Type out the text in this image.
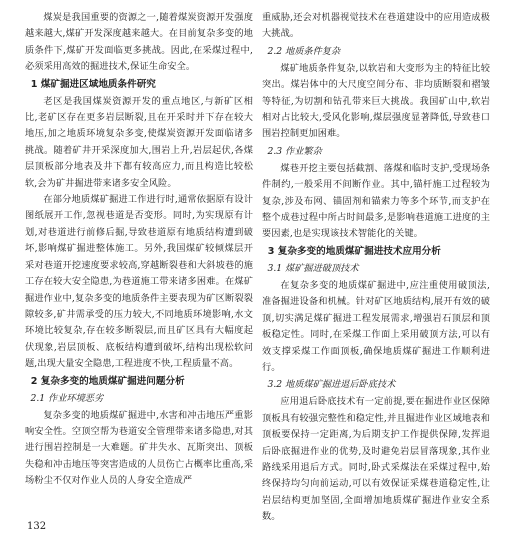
煤炭是我国重要的资源之一,随着煤炭资源开发强度越来越大,煤矿开发深度越来越大。在目前复杂多变的地质条件下,煤矿开发面临更多挑战。因此,在采煤过程中,必须采用高效的掘进技术,保证生命安全。

1 煤矿掘进区域地质条件研究

老区是我国煤炭资源开发的重点地区,与新矿区相比,老矿区存在更多岩层断裂,且在开采时并下存在较大地压,加之地质环境复杂多变,使煤炭资源开发面临诸多挑战。随着矿井开采深度加大,围岩上升,岩层起伏,各煤层顶板部分地表及井下都有较高应力,而且构造比较松软,会为矿井掘进带来诸多安全风险。

在部分地质煤矿掘进工作进行时,通常依据原有设计图纸展开工作,忽视巷道是否变形。同时,为实现原有计划,对巷道进行前修后掘,导致巷道原有地质结构遭到破坏,影响煤矿掘进整体施工。另外,我国煤矿较倾煤层开采对巷道开挖速度要求较高,穿越断裂巷和大斜坡巷的施工存在较大安全隐患,为巷道施工带来诸多困难。在煤矿掘进作业中,复杂多变的地质条件主要表现为矿区断裂裂隙较多,矿井需承受的压力较大,不同地质环境影响,水文环境比较复杂,存在较多断裂层,而且矿区具有大幅度起伏现象,岩层顶板、底板结构遭到破坏,结构出现松软问题,出现大量安全隐患,工程进度不快,工程质量不高。

2 复杂多变的地质煤矿掘进问题分析
2.1 作业环境恶劣

复杂多变的地质煤矿掘进中,水害和冲击地压严重影响安全性。空顶空帮为巷道安全管理带来诸多隐患,对其进行围岩控制是一大难题。矿井失水、瓦斯突出、顶板失稳和冲击地压等突害造成的人员伤亡占概率比重高,采场粉尘不仅对作业人员的人身安全造成严

重威胁,还会对机器视觉技术在巷道建设中的应用造成极大挑战。

2.2 地质条件复杂

煤矿地质条件复杂,以软岩和大变形为主的特征比较突出。煤岩体中的大尺度空间分布、非均质断裂和褶皱等特征,为切割和钻孔带来巨大挑战。我国矿山中,软岩相对占比较大,受风化影响,煤层强度显著降低,导致巷口围岩控制更加困难。

2.3 作业繁杂

煤巷开挖主要包括截割、落煤和临时支护,受现场条件制约,一般采用不间断作业。其中,锚杆施工过程较为复杂,涉及布网、锚固剂和锚索力等多个环节,而支护在整个成巷过程中所占时间最多,是影响巷道施工进度的主要因素,也是实现该技术智能化的关键。

3 复杂多变的地质煤矿掘进技术应用分析
3.1 煤矿掘进破顶技术

在复杂多变的地质煤矿掘进中,应注重使用破顶法,准备掘进设备和机械。针对矿区地质结构,展开有效的破顶,切实满足煤矿掘进工程发展需求,增强岩石顶层和顶板稳定性。同时,在采煤工作面上采用破顶方法,可以有效支撑采煤工作面顶板,确保地质煤矿掘进工作顺利进行。

3.2 地质煤矿掘进退后卧底技术

应用退后卧底技术有一定前提,要在掘进作业区保障顶板具有较强完整性和稳定性,并且掘进作业区域地表和顶板要保持一定距离,为后期支护工作提供保障,发挥退后卧底掘进作业的优势,及时避免岩层冒落现象,其作业路线采用退后方式。同时,卧式采煤法在采煤过程中,始终保持均匀向前运动,可以有效保证采煤巷道稳定性,让岩层结构更加坚固,全面增加地质煤矿掘进作业安全系数。

132
